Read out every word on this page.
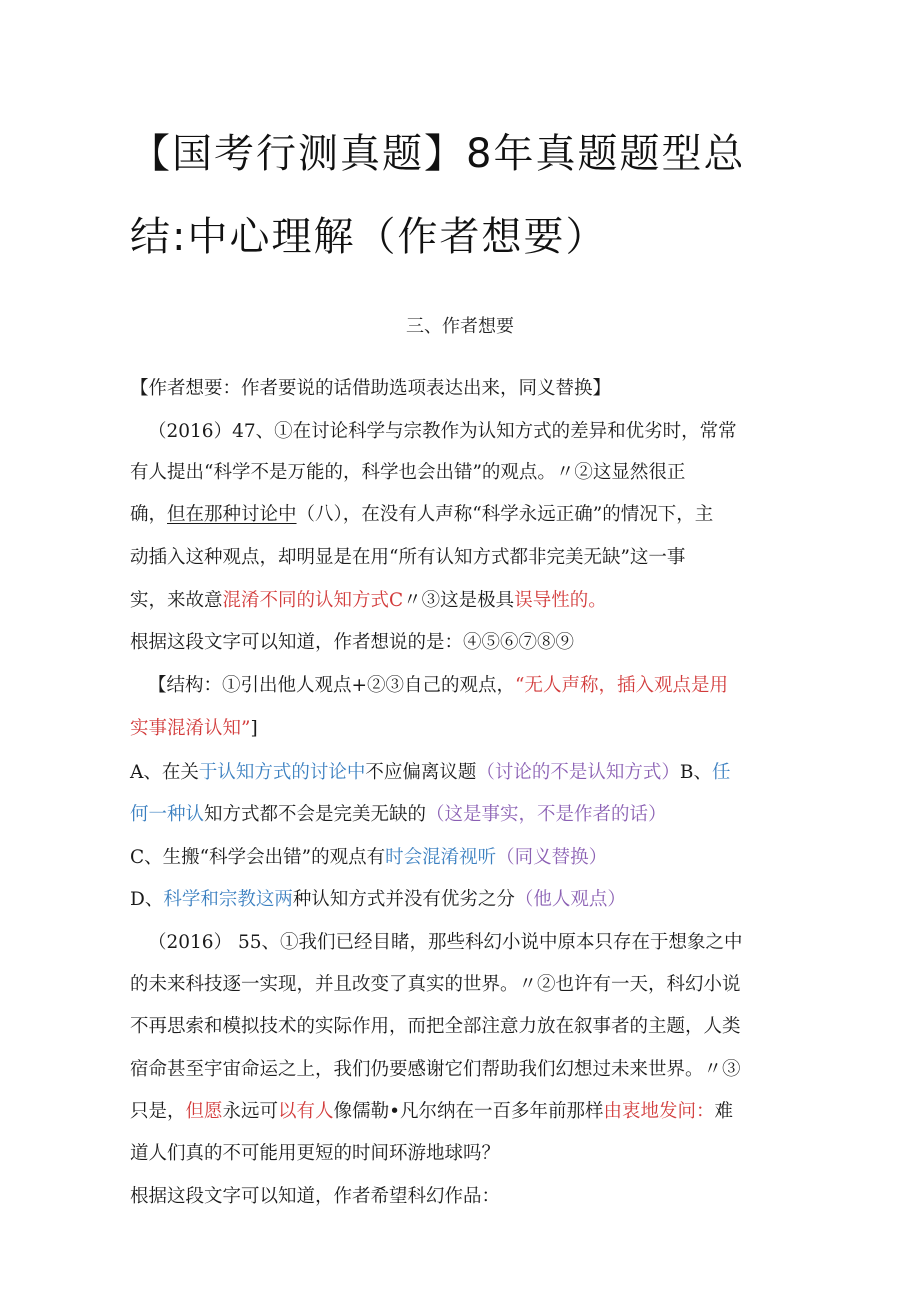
【国考行测真题】8年真题题型总
结:中心理解（作者想要）
三、作者想要
【作者想要：作者要说的话借助选项表达出来，同义替换】
（2016）47、①在讨论科学与宗教作为认知方式的差异和优劣时，常常
有人提出“科学不是万能的，科学也会出错”的观点。〃②这显然很正
确，但在那种讨论中（八），在没有人声称“科学永远正确”的情况下，主
动插入这种观点，却明显是在用“所有认知方式都非完美无缺”这一事
实，来故意混淆不同的认知方式C〃③这是极具误导性的。
根据这段文字可以知道，作者想说的是：④⑤⑥⑦⑧⑨
【结构：①引出他人观点+②③自己的观点，“无人声称，插入观点是用
实事混淆认知”]
A、在关于认知方式的讨论中不应偏离议题（讨论的不是认知方式）B、任
何一种认知方式都不会是完美无缺的（这是事实，不是作者的话）
C、生搬“科学会出错”的观点有时会混淆视听（同义替换）
D、科学和宗教这两种认知方式并没有优劣之分（他人观点）
（2016） 55、①我们已经目睹，那些科幻小说中原本只存在于想象之中
的未来科技逐一实现，并且改变了真实的世界。〃②也许有一天，科幻小说
不再思索和模拟技术的实际作用，而把全部注意力放在叙事者的主题，人类
宿命甚至宇宙命运之上，我们仍要感谢它们帮助我们幻想过未来世界。〃③
只是，但愿永远可以有人像儒勒•凡尔纳在一百多年前那样由衷地发问：难
道人们真的不可能用更短的时间环游地球吗？
根据这段文字可以知道，作者希望科幻作品：
